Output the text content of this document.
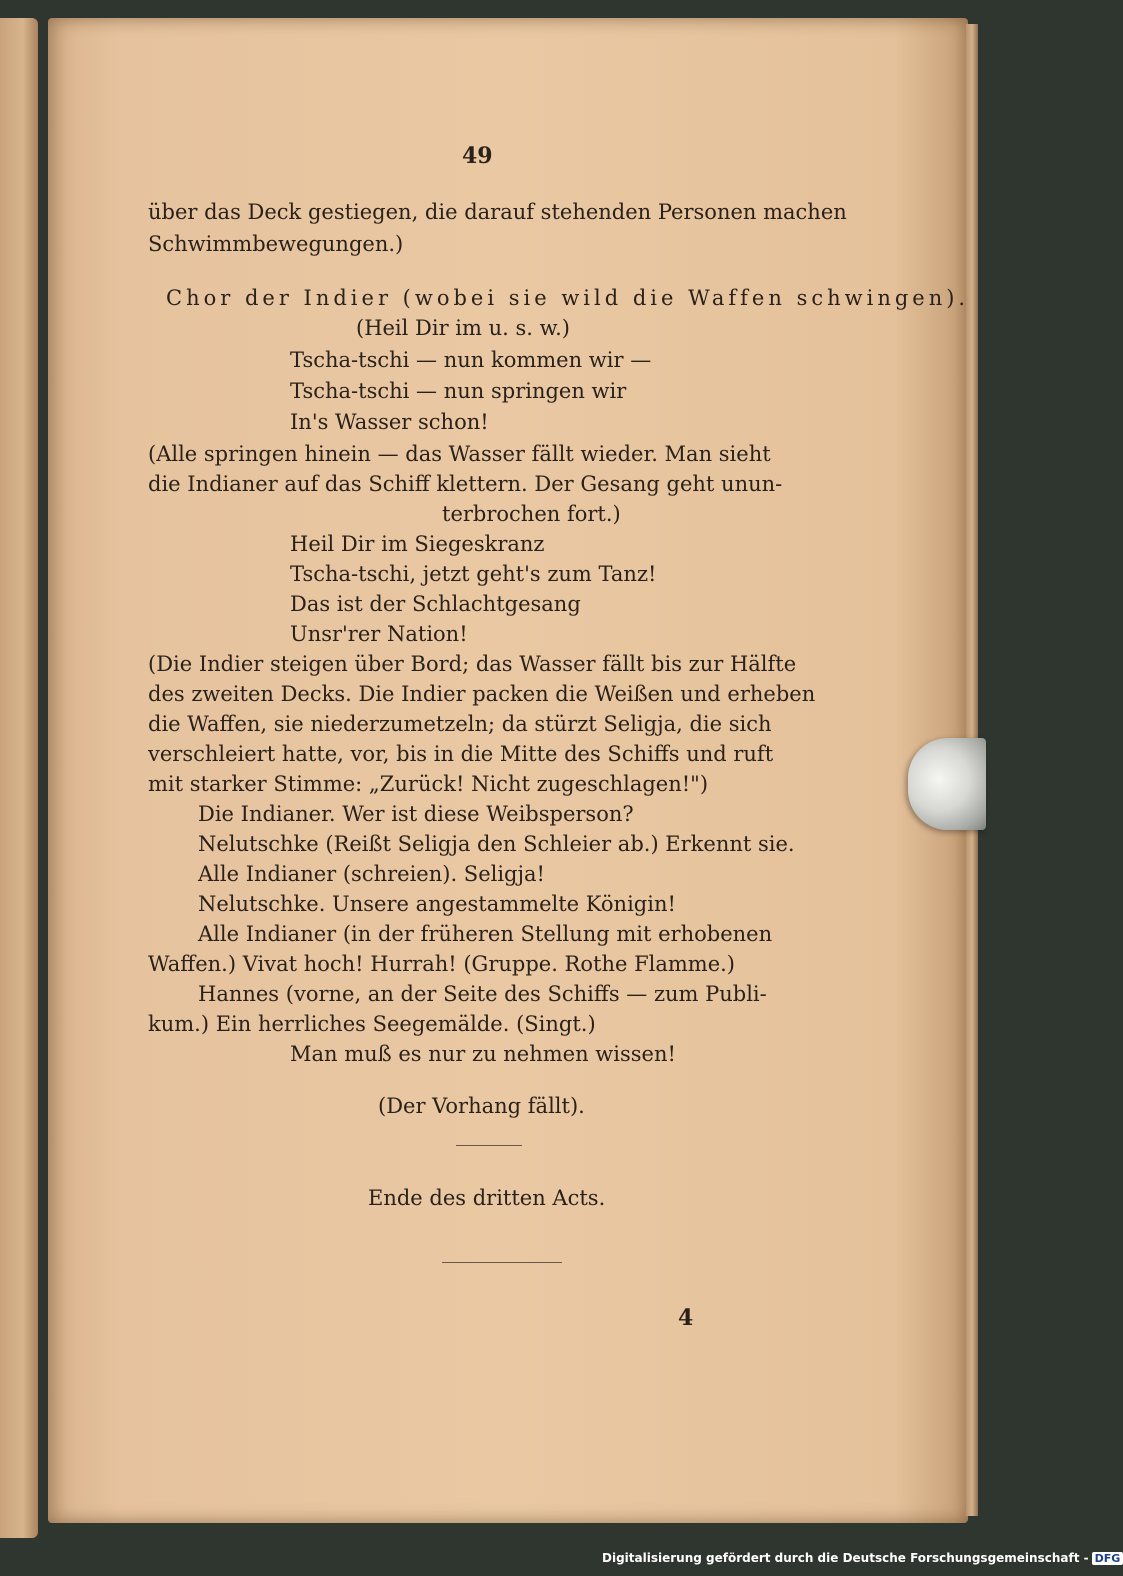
49
über das Deck gestiegen, die darauf stehenden Personen machen
Schwimmbewegungen.)
Chor der Indier (wobei sie wild die Waffen schwingen).
(Heil Dir im u. s. w.)
Tscha-tschi — nun kommen wir —
Tscha-tschi — nun springen wir
In's Wasser schon!
(Alle springen hinein — das Wasser fällt wieder. Man sieht
die Indianer auf das Schiff klettern. Der Gesang geht unun-
terbrochen fort.)
Heil Dir im Siegeskranz
Tscha-tschi, jetzt geht's zum Tanz!
Das ist der Schlachtgesang
Unsr'rer Nation!
(Die Indier steigen über Bord; das Wasser fällt bis zur Hälfte
des zweiten Decks. Die Indier packen die Weißen und erheben
die Waffen, sie niederzumetzeln; da stürzt Seligja, die sich
verschleiert hatte, vor, bis in die Mitte des Schiffs und ruft
mit starker Stimme: „Zurück! Nicht zugeschlagen!")
Die Indianer. Wer ist diese Weibsperson?
Nelutschke (Reißt Seligja den Schleier ab.) Erkennt sie.
Alle Indianer (schreien). Seligja!
Nelutschke. Unsere angestammelte Königin!
Alle Indianer (in der früheren Stellung mit erhobenen
Waffen.) Vivat hoch! Hurrah! (Gruppe. Rothe Flamme.)
Hannes (vorne, an der Seite des Schiffs — zum Publi-
kum.) Ein herrliches Seegemälde. (Singt.)
Man muß es nur zu nehmen wissen!
(Der Vorhang fällt).
Ende des dritten Acts.
4
Digitalisierung gefördert durch die Deutsche Forschungsgemeinschaft - DFG
